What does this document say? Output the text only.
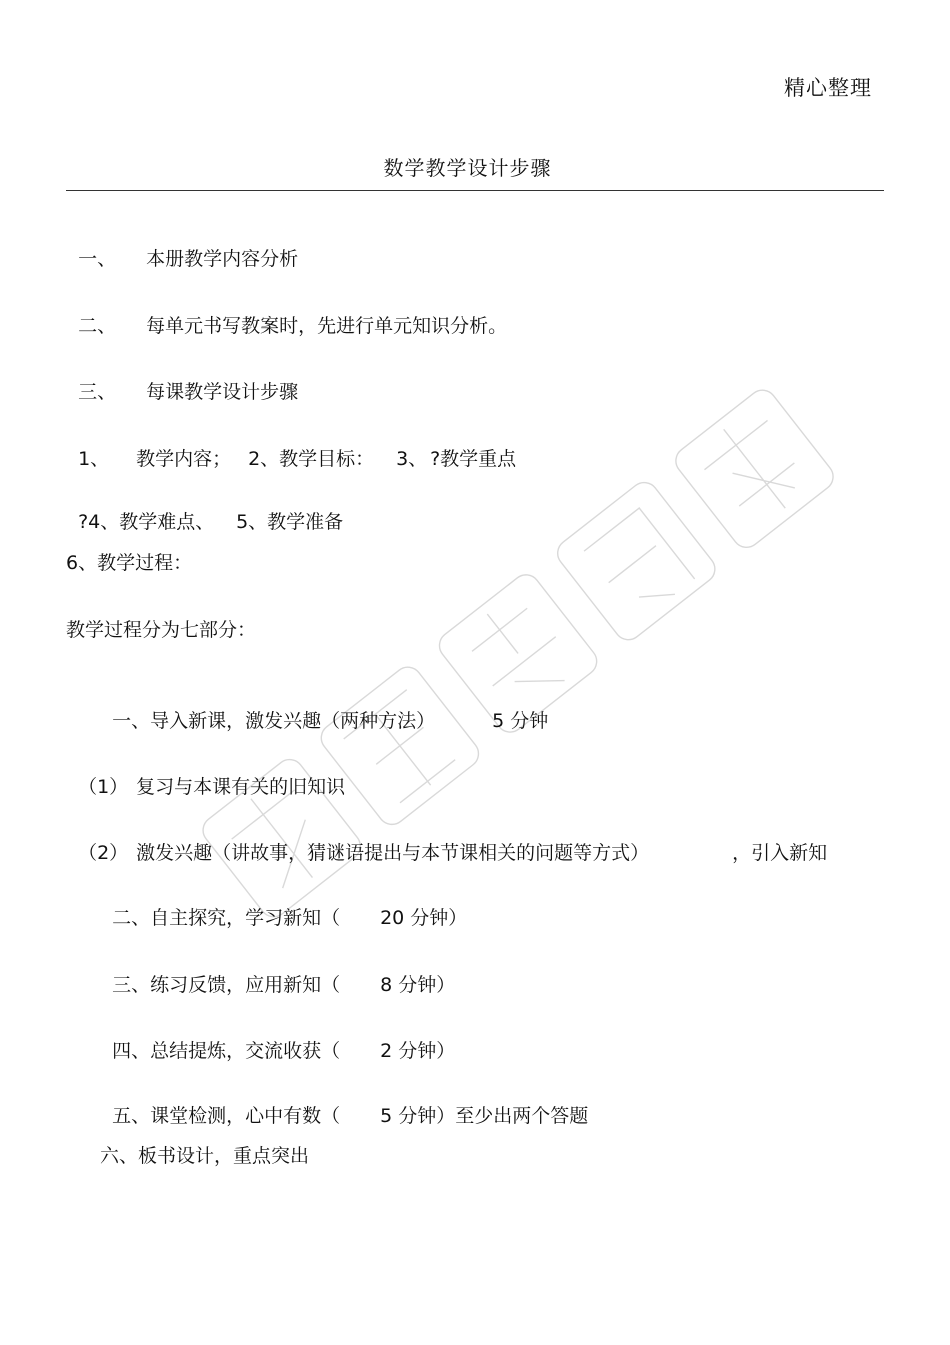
精心整理
数学教学设计步骤

一、 本册教学内容分析

二、 每单元书写教案时，先进行单元知识分析。

三、 每课教学设计步骤

1、 教学内容； 2、教学目标： 3、 ?教学重点

?4、教学难点、 5、教学准备

6、教学过程：
教学过程分为七部分：

一、导入新课，激发兴趣（两种方法）	5 分钟

（1） 复习与本课有关的旧知识

（2） 激发兴趣（讲故事，猜谜语提出与本节课相关的问题等方式）	，引入新知

二、自主探究，学习新知（ 20 分钟）

三、练习反馈，应用新知（ 8 分钟）

四、总结提炼，交流收获（ 2 分钟）

五、课堂检测，心中有数（ 5 分钟）至少出两个答题

六、板书设计，重点突出
